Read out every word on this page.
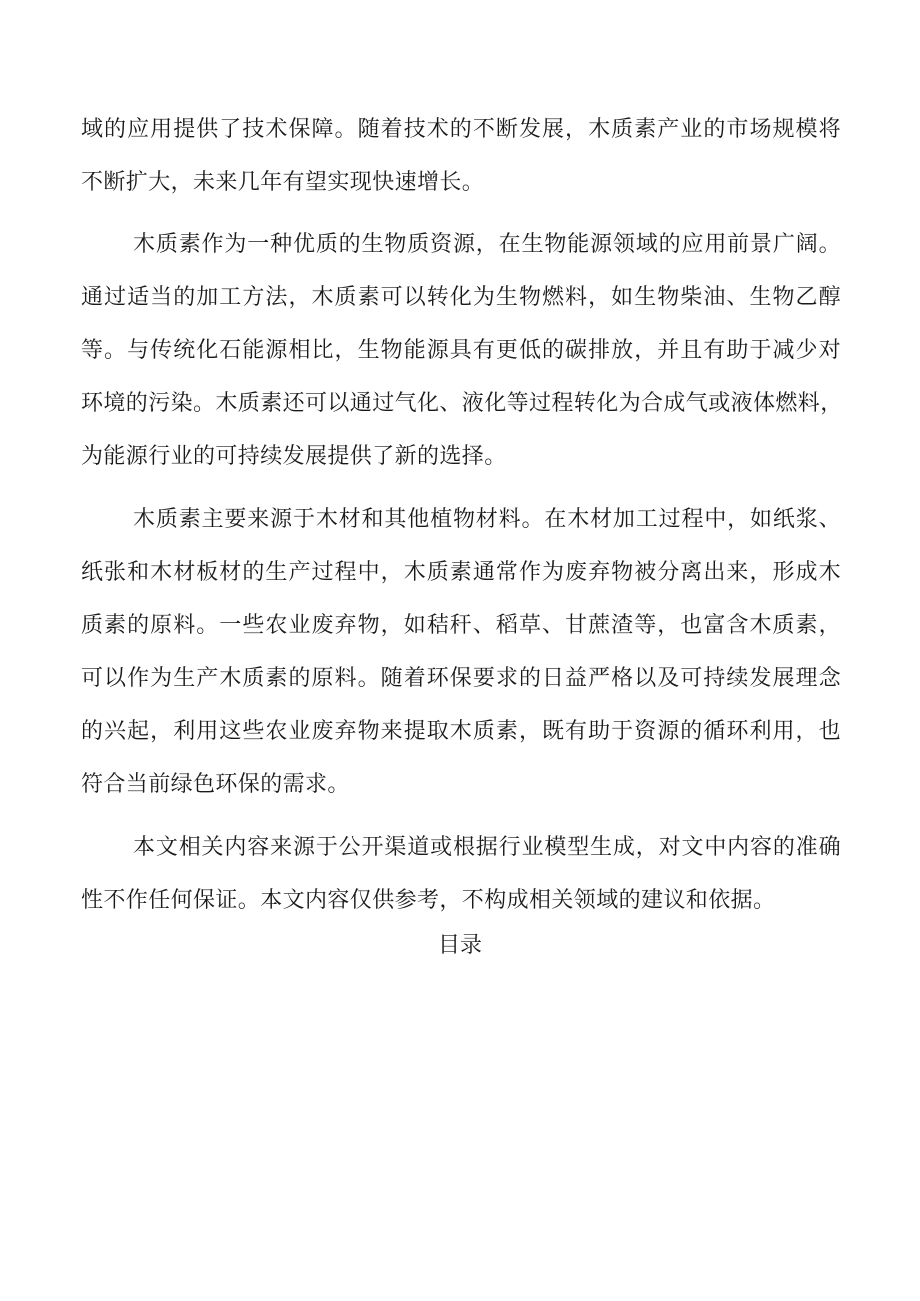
域的应用提供了技术保障。随着技术的不断发展，木质素产业的市场规模将

不断扩大，未来几年有望实现快速增长。

木质素作为一种优质的生物质资源，在生物能源领域的应用前景广阔。

通过适当的加工方法，木质素可以转化为生物燃料，如生物柴油、生物乙醇

等。与传统化石能源相比，生物能源具有更低的碳排放，并且有助于减少对

环境的污染。木质素还可以通过气化、液化等过程转化为合成气或液体燃料，

为能源行业的可持续发展提供了新的选择。

木质素主要来源于木材和其他植物材料。在木材加工过程中，如纸浆、

纸张和木材板材的生产过程中，木质素通常作为废弃物被分离出来，形成木

质素的原料。一些农业废弃物，如秸秆、稻草、甘蔗渣等，也富含木质素，

可以作为生产木质素的原料。随着环保要求的日益严格以及可持续发展理念

的兴起，利用这些农业废弃物来提取木质素，既有助于资源的循环利用，也

符合当前绿色环保的需求。

本文相关内容来源于公开渠道或根据行业模型生成，对文中内容的准确

性不作任何保证。本文内容仅供参考，不构成相关领域的建议和依据。

目录
